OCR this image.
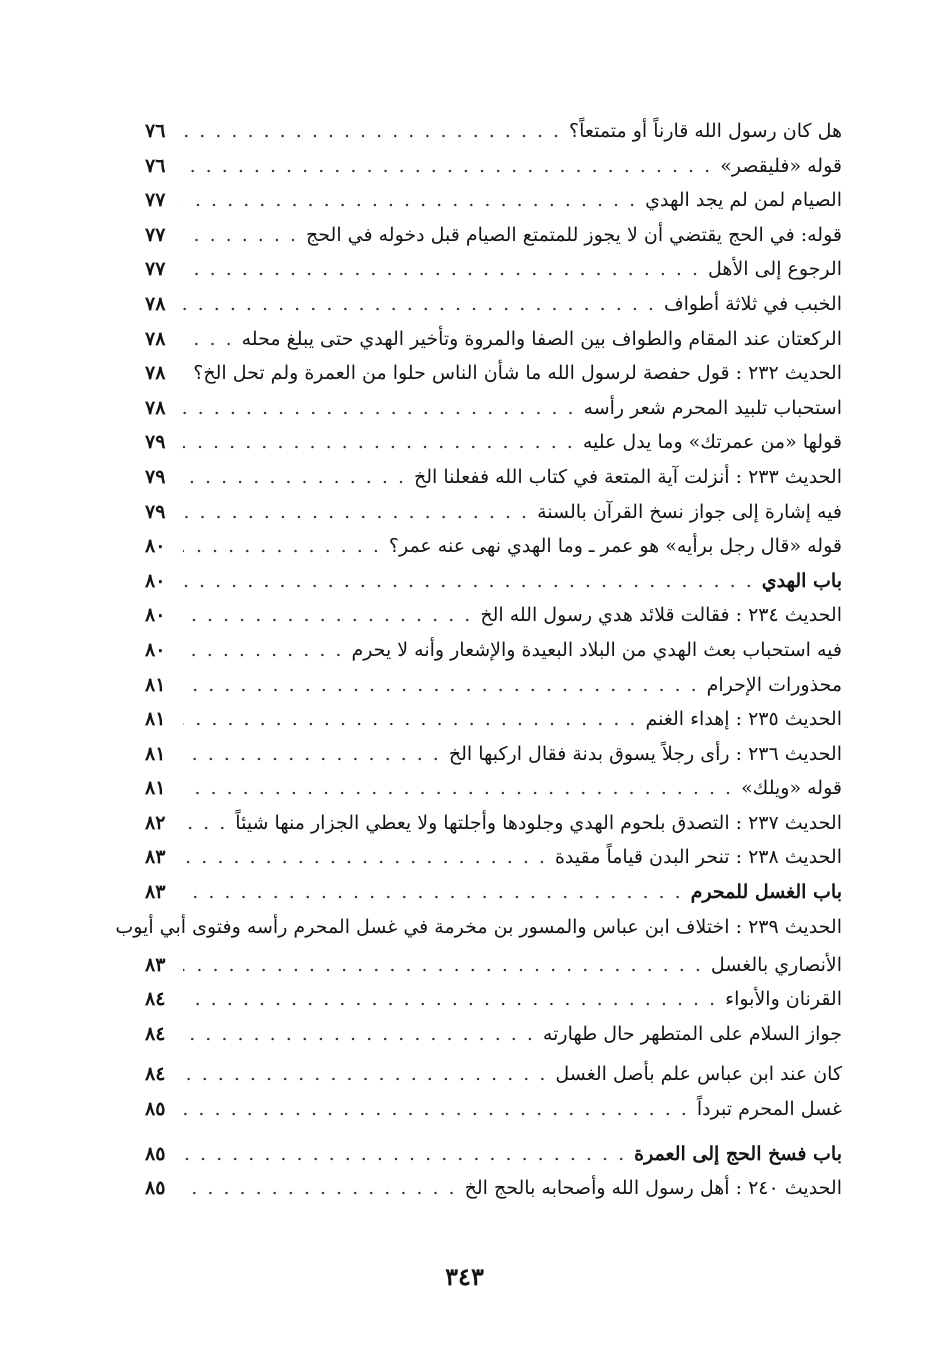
هل كان رسول الله قارناً أو متمتعاً؟
. . .
٧٦
قوله «فليقصر»
. . .
٧٦
الصيام لمن لم يجد الهدي
. . .
٧٧
قوله: في الحج يقتضي أن لا يجوز للمتمتع الصيام قبل دخوله في الحج
. . .
٧٧
الرجوع إلى الأهل
. . .
٧٧
الخبب في ثلاثة أطواف
. . .
٧٨
الركعتان عند المقام والطواف بين الصفا والمروة وتأخير الهدي حتى يبلغ محله
. . .
٧٨
الحديث ٢٣٢ : قول حفصة لرسول الله ما شأن الناس حلوا من العمرة ولم تحل الخ؟
. . .
٧٨
استحباب تلبيد المحرم شعر رأسه
. . .
٧٨
قولها «من عمرتك» وما يدل عليه
. . .
٧٩
الحديث ٢٣٣ : أنزلت آية المتعة في كتاب الله ففعلنا الخ
. . .
٧٩
فيه إشارة إلى جواز نسخ القرآن بالسنة
. . .
٧٩
قوله «قال رجل برأيه» هو عمر ـ وما الهدي نهى عنه عمر؟
. . .
٨٠
باب الهدي
. . .
٨٠
الحديث ٢٣٤ : فقالت قلائد هدي رسول الله الخ
. . .
٨٠
فيه استحباب بعث الهدي من البلاد البعيدة والإشعار وأنه لا يحرم
. . .
٨٠
محذورات الإحرام
. . .
٨١
الحديث ٢٣٥ : إهداء الغنم
. . .
٨١
الحديث ٢٣٦ : رأى رجلاً يسوق بدنة فقال اركبها الخ
. . .
٨١
قوله «ويلك»
. . .
٨١
الحديث ٢٣٧ : التصدق بلحوم الهدي وجلودها وأجلتها ولا يعطي الجزار منها شيئاً
. . .
٨٢
الحديث ٢٣٨ : تنحر البدن قياماً مقيدة
. . .
٨٣
باب الغسل للمحرم
. . .
٨٣
الحديث ٢٣٩ : اختلاف ابن عباس والمسور بن مخرمة في غسل المحرم رأسه وفتوى أبي أيوب
الأنصاري بالغسل
. . .
٨٣
القرنان والأبواء
. . .
٨٤
جواز السلام على المتطهر حال طهارته
. . .
٨٤
كان عند ابن عباس علم بأصل الغسل
. . .
٨٤
غسل المحرم تبرداً
. . .
٨٥
باب فسخ الحج إلى العمرة
. . .
٨٥
الحديث ٢٤٠ : أهل رسول الله وأصحابه بالحج الخ
. . .
٨٥
٣٤٣
